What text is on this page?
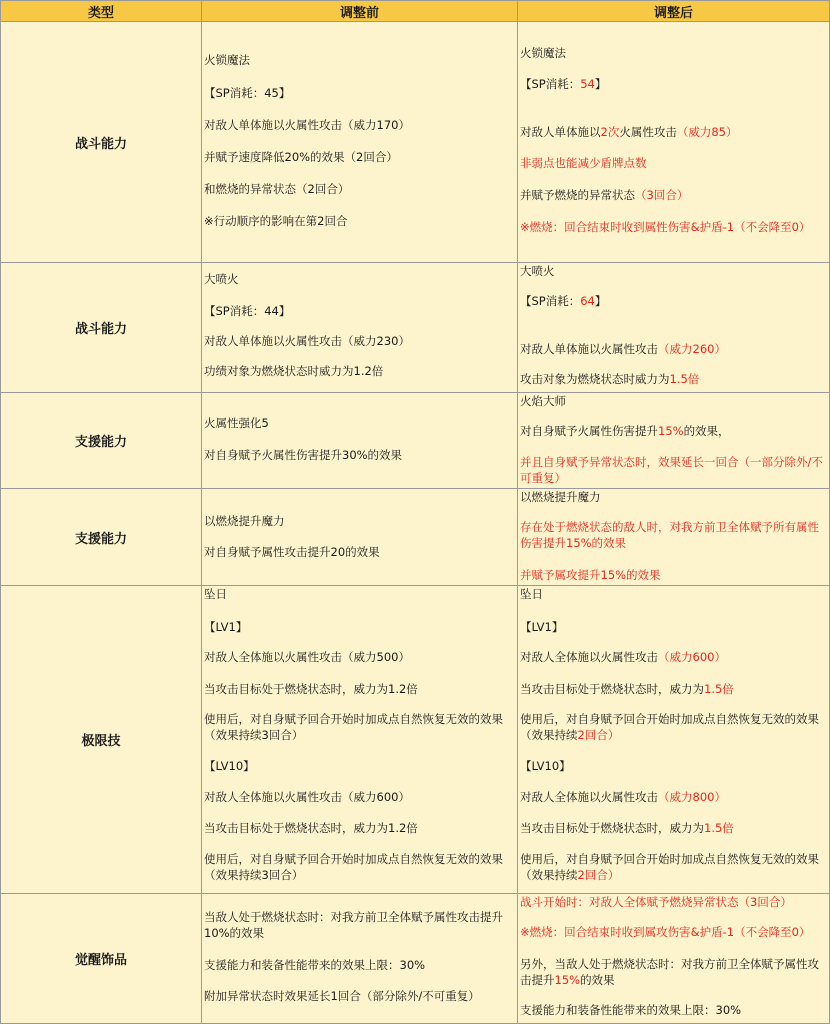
类型	调整前	调整后
战斗能力
火锁魔法
【SP消耗：45】
对敌人单体施以火属性攻击（威力170）
并赋予速度降低20%的效果（2回合）
和燃烧的异常状态（2回合）
※行动顺序的影响在第2回合
火锁魔法
【SP消耗：54】
对敌人单体施以2次火属性攻击（威力85）
非弱点也能减少盾牌点数
并赋予燃烧的异常状态（3回合）
※燃烧：回合结束时收到属性伤害&护盾-1（不会降至0）
战斗能力
大喷火
【SP消耗：44】
对敌人单体施以火属性攻击（威力230）
功绩对象为燃烧状态时威力为1.2倍
大喷火
【SP消耗：64】
对敌人单体施以火属性攻击（威力260）
攻击对象为燃烧状态时威力为1.5倍
支援能力
火属性强化5
对自身赋予火属性伤害提升30%的效果
火焰大师
对自身赋予火属性伤害提升15%的效果，
并且自身赋予异常状态时，效果延长一回合（一部分除外/不可重复）
支援能力
以燃烧提升魔力
对自身赋予属性攻击提升20的效果
以燃烧提升魔力
存在处于燃烧状态的敌人时，对我方前卫全体赋予所有属性伤害提升15%的效果
并赋予属攻提升15%的效果
极限技
坠日
【LV1】
对敌人全体施以火属性攻击（威力500）
当攻击目标处于燃烧状态时，威力为1.2倍
使用后，对自身赋予回合开始时加成点自然恢复无效的效果（效果持续3回合）
【LV10】
对敌人全体施以火属性攻击（威力600）
当攻击目标处于燃烧状态时，威力为1.2倍
使用后，对自身赋予回合开始时加成点自然恢复无效的效果（效果持续3回合）
坠日
【LV1】
对敌人全体施以火属性攻击（威力600）
当攻击目标处于燃烧状态时，威力为1.5倍
使用后，对自身赋予回合开始时加成点自然恢复无效的效果（效果持续2回合）
【LV10】
对敌人全体施以火属性攻击（威力800）
当攻击目标处于燃烧状态时，威力为1.5倍
使用后，对自身赋予回合开始时加成点自然恢复无效的效果（效果持续2回合）
觉醒饰品
当敌人处于燃烧状态时：对我方前卫全体赋予属性攻击提升10%的效果
支援能力和装备性能带来的效果上限：30%
附加异常状态时效果延长1回合（部分除外/不可重复）
战斗开始时：对敌人全体赋予燃烧异常状态（3回合）
※燃烧：回合结束时收到属攻伤害&护盾-1（不会降至0）
另外，当敌人处于燃烧状态时：对我方前卫全体赋予属性攻击提升15%的效果
支援能力和装备性能带来的效果上限：30%
